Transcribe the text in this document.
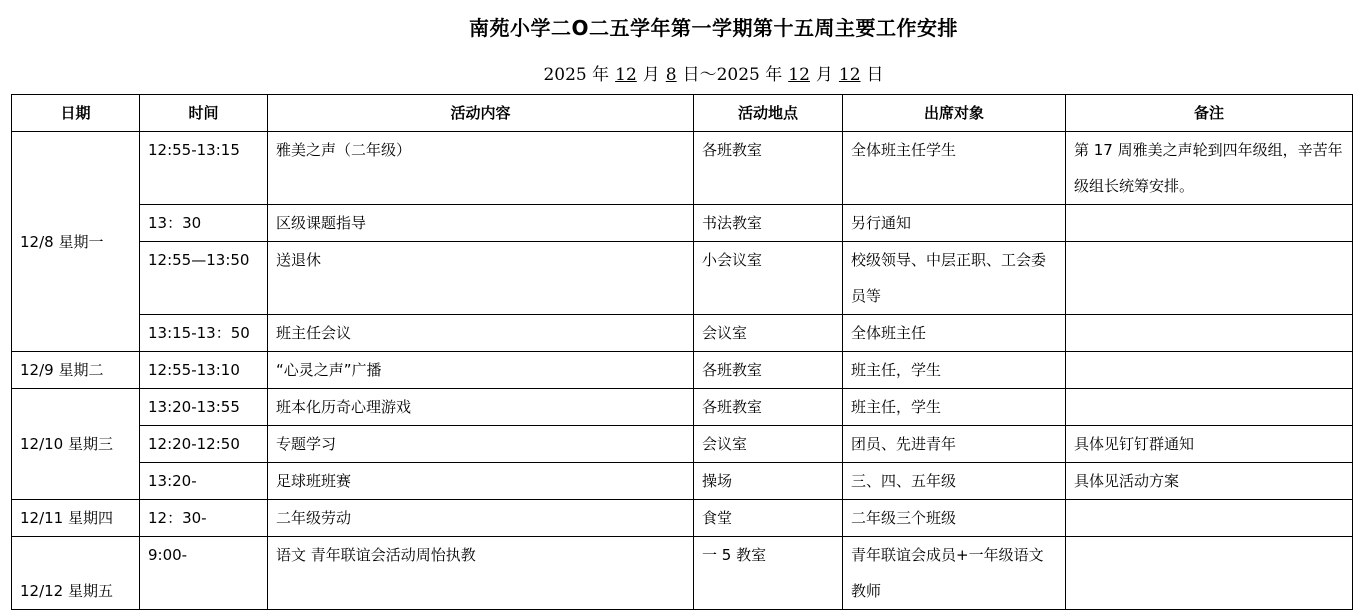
南苑小学二O二五学年第一学期第十五周主要工作安排
2025 年 12 月 8 日～2025 年 12 月 12 日
日期	时间	活动内容	活动地点	出席对象	备注
12/8 星期一	12:55-13:15	雅美之声（二年级）	各班教室	全体班主任学生	第 17 周雅美之声轮到四年级组，辛苦年级组长统筹安排。
	13：30	区级课题指导	书法教室	另行通知	
	12:55—13:50	送退休	小会议室	校级领导、中层正职、工会委员等	
	13:15-13：50	班主任会议	会议室	全体班主任	
12/9 星期二	12:55-13:10	“心灵之声”广播	各班教室	班主任，学生	
12/10 星期三	13:20-13:55	班本化历奇心理游戏	各班教室	班主任，学生	
	12:20-12:50	专题学习	会议室	团员、先进青年	具体见钉钉群通知
	13:20-	足球班班赛	操场	三、四、五年级	具体见活动方案
12/11 星期四	12：30-	二年级劳动	食堂	二年级三个班级	
12/12 星期五	9:00-	语文 青年联谊会活动周怡执教	一 5 教室	青年联谊会成员+一年级语文教师	
